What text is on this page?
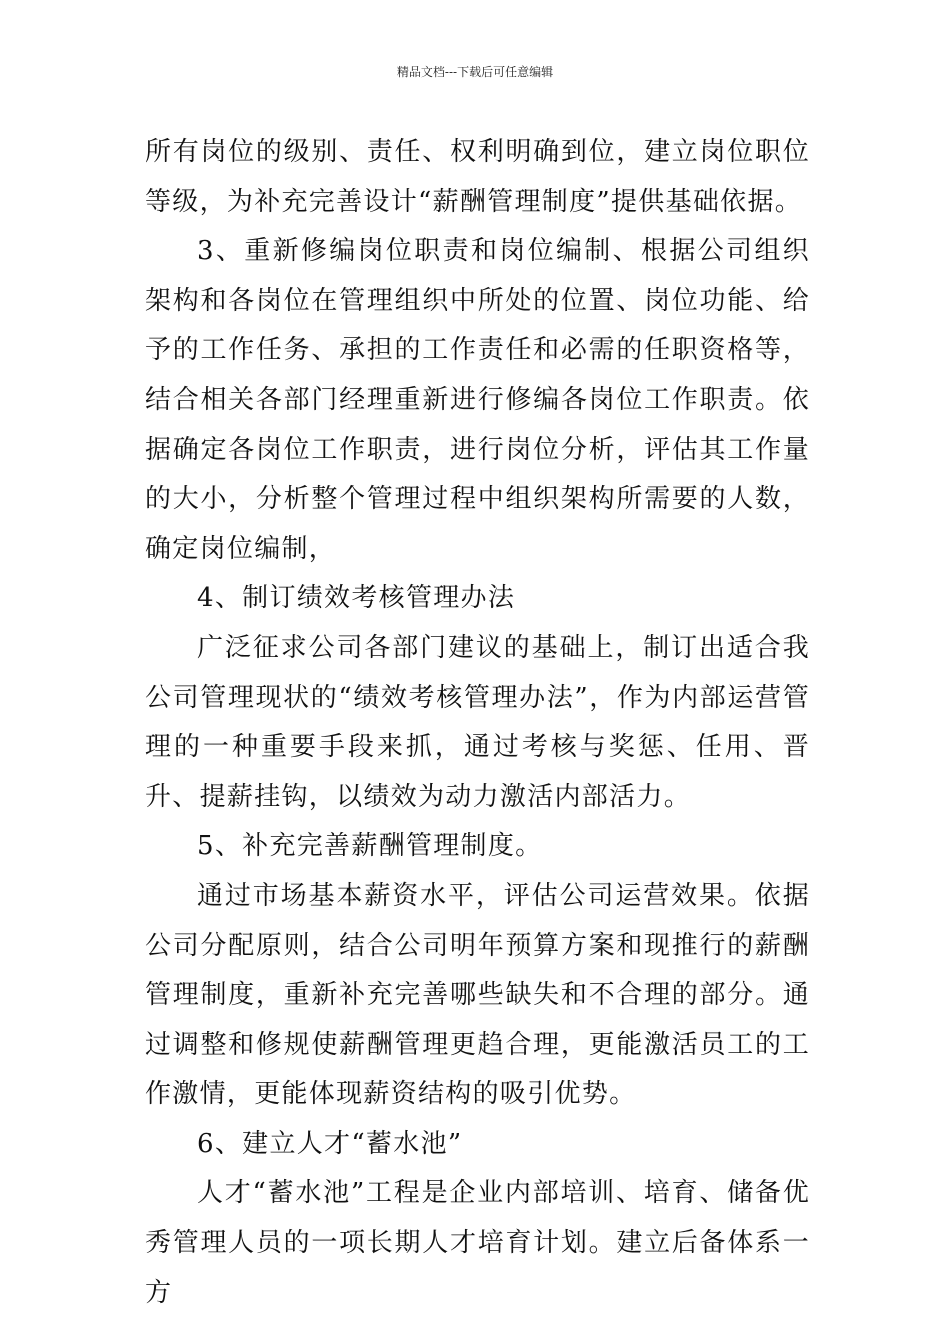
精品文档---下载后可任意编辑

所有岗位的级别、责任、权利明确到位，建立岗位职位等级，为补充完善设计“薪酬管理制度”提供基础依据。

3、重新修编岗位职责和岗位编制、根据公司组织架构和各岗位在管理组织中所处的位置、岗位功能、给予的工作任务、承担的工作责任和必需的任职资格等，结合相关各部门经理重新进行修编各岗位工作职责。依据确定各岗位工作职责，进行岗位分析，评估其工作量的大小，分析整个管理过程中组织架构所需要的人数，确定岗位编制，

4、制订绩效考核管理办法

广泛征求公司各部门建议的基础上，制订出适合我公司管理现状的“绩效考核管理办法”，作为内部运营管理的一种重要手段来抓，通过考核与奖惩、任用、晋升、提薪挂钩，以绩效为动力激活内部活力。

5、补充完善薪酬管理制度。

通过市场基本薪资水平，评估公司运营效果。依据公司分配原则，结合公司明年预算方案和现推行的薪酬管理制度，重新补充完善哪些缺失和不合理的部分。通过调整和修规使薪酬管理更趋合理，更能激活员工的工作激情，更能体现薪资结构的吸引优势。

6、建立人才“蓄水池”

人才“蓄水池”工程是企业内部培训、培育、储备优秀管理人员的一项长期人才培育计划。建立后备体系一方
